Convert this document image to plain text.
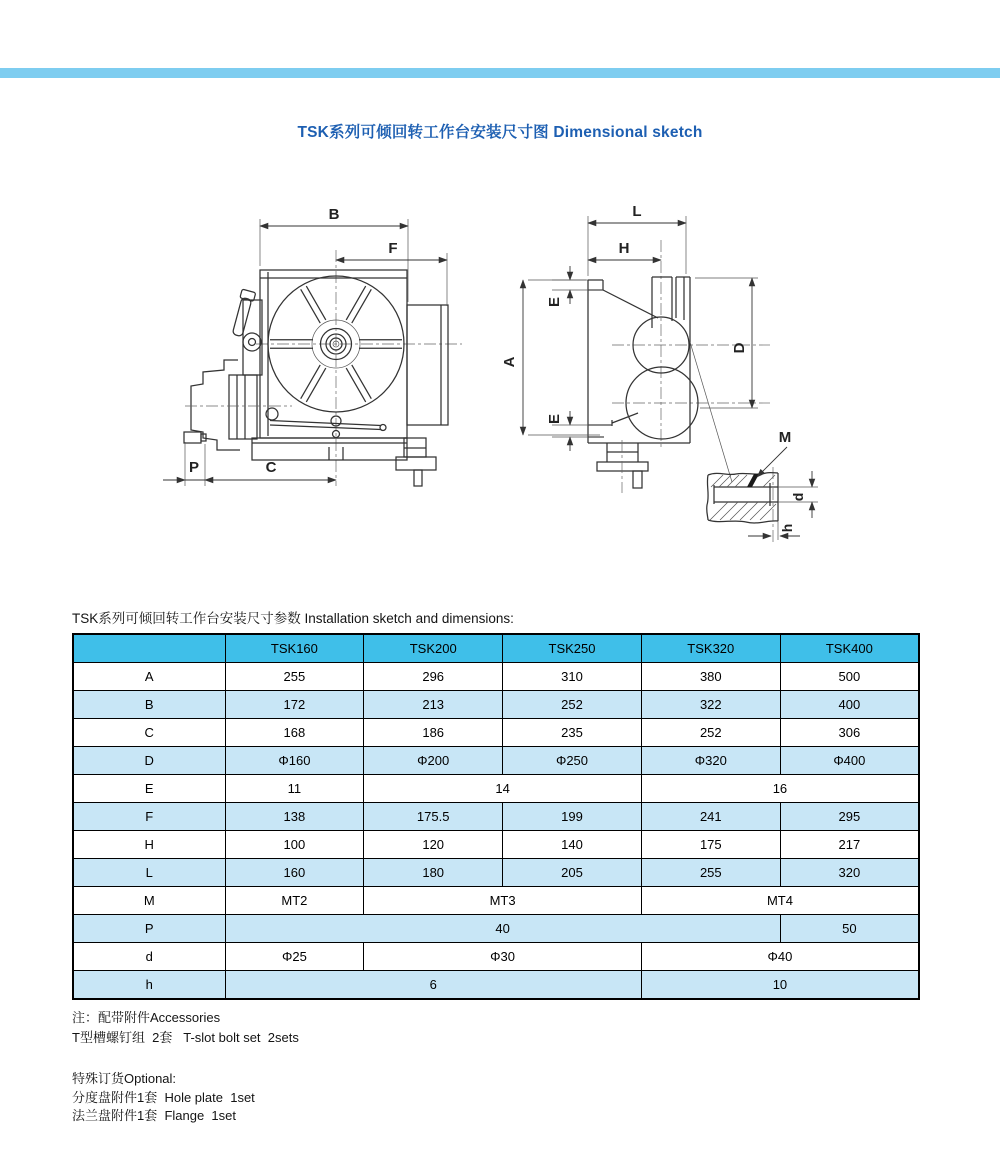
TSK系列可倾回转工作台安装尺寸图 Dimensional sketch
B
F
P	C
L
H
E
E
A
D
M
d
h
TSK系列可倾回转工作台安装尺寸参数 Installation sketch and dimensions:
	TSK160	TSK200	TSK250	TSK320	TSK400
A	255	296	310	380	500
B	172	213	252	322	400
C	168	186	235	252	306
D	Φ160	Φ200	Φ250	Φ320	Φ400
E	11	14		16	
F	138	175.5	199	241	295
H	100	120	140	175	217
L	160	180	205	255	320
M	MT2	MT3		MT4	
P	40				50
d	Φ25	Φ30		Φ40	
h	6			10	
注：配带附件Accessories
T型槽螺钉组  2套   T-slot bolt set  2sets
特殊订货Optional:
分度盘附件1套  Hole plate  1set
法兰盘附件1套  Flange  1set
